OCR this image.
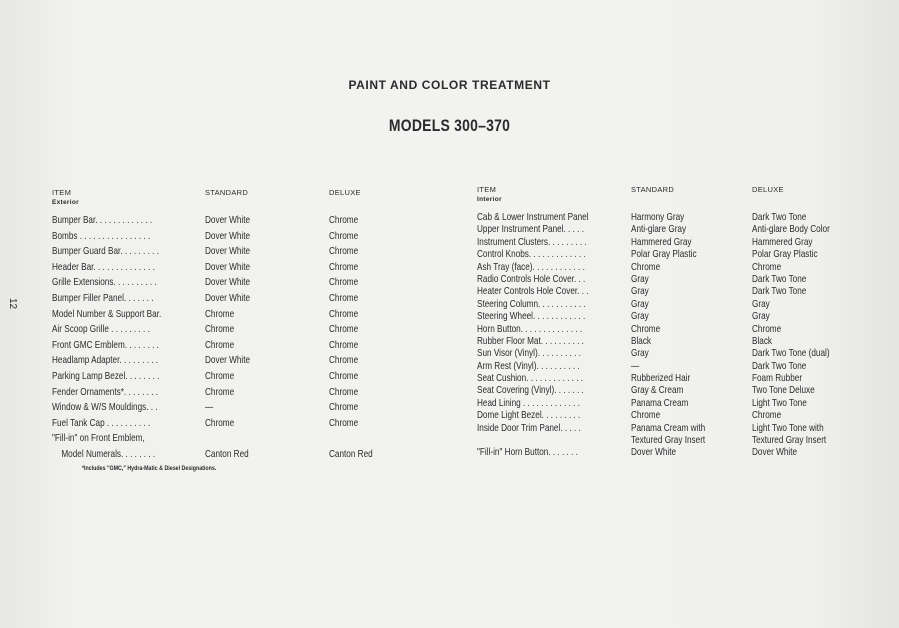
PAINT AND COLOR TREATMENT
MODELS 300–370
12
ITEM
Exterior
STANDARD	DELUXE
Bumper Bar. . . . . . . . . . . . .
Bombs . . . . . . . . . . . . . . . .
Bumper Guard Bar. . . . . . . . .
Header Bar. . . . . . . . . . . . . .
Grille Extensions. . . . . . . . . .
Bumper Filler Panel. . . . . . .
Model Number & Support Bar.
Air Scoop Grille . . . . . . . . .
Front GMC Emblem. . . . . . . .
Headlamp Adapter. . . . . . . . .
Parking Lamp Bezel. . . . . . . .
Fender Ornaments*. . . . . . . .
Window & W/S Mouldings. . .
Fuel Tank Cap . . . . . . . . . .
"Fill-in" on Front Emblem,
Model Numerals. . . . . . . .
Dover White
Dover White
Dover White
Dover White
Dover White
Dover White
Chrome
Chrome
Chrome
Dover White
Chrome
Chrome
—
Chrome
Canton Red
Chrome
Chrome
Chrome
Chrome
Chrome
Chrome
Chrome
Chrome
Chrome
Chrome
Chrome
Chrome
Chrome
Chrome
Canton Red
*Includes "GMC," Hydra-Matic & Diesel Designations.
ITEM
Interior
STANDARD	DELUXE
Cab & Lower Instrument Panel
Upper Instrument Panel. . . . .
Instrument Clusters. . . . . . . . .
Control Knobs. . . . . . . . . . . . .
Ash Tray (face). . . . . . . . . . . .
Radio Controls Hole Cover. . .
Heater Controls Hole Cover. . .
Steering Column. . . . . . . . . . .
Steering Wheel. . . . . . . . . . . .
Horn Button. . . . . . . . . . . . . .
Rubber Floor Mat. . . . . . . . . .
Sun Visor (Vinyl). . . . . . . . . .
Arm Rest (Vinyl). . . . . . . . . .
Seat Cushion. . . . . . . . . . . . .
Seat Covering (Vinyl). . . . . . .
Head Lining . . . . . . . . . . . . .
Dome Light Bezel. . . . . . . . .
Inside Door Trim Panel. . . . .
"Fill-in" Horn Button. . . . . . .
Harmony Gray
Anti-glare Gray
Hammered Gray
Polar Gray Plastic
Chrome
Gray
Gray
Gray
Gray
Chrome
Black
Gray
—
Rubberized Hair
Gray & Cream
Panama Cream
Chrome
Panama Cream with
Textured Gray Insert
Dover White
Dark Two Tone
Anti-glare Body Color
Hammered Gray
Polar Gray Plastic
Chrome
Dark Two Tone
Dark Two Tone
Gray
Gray
Chrome
Black
Dark Two Tone (dual)
Dark Two Tone
Foam Rubber
Two Tone Deluxe
Light Two Tone
Chrome
Light Two Tone with
Textured Gray Insert
Dover White
